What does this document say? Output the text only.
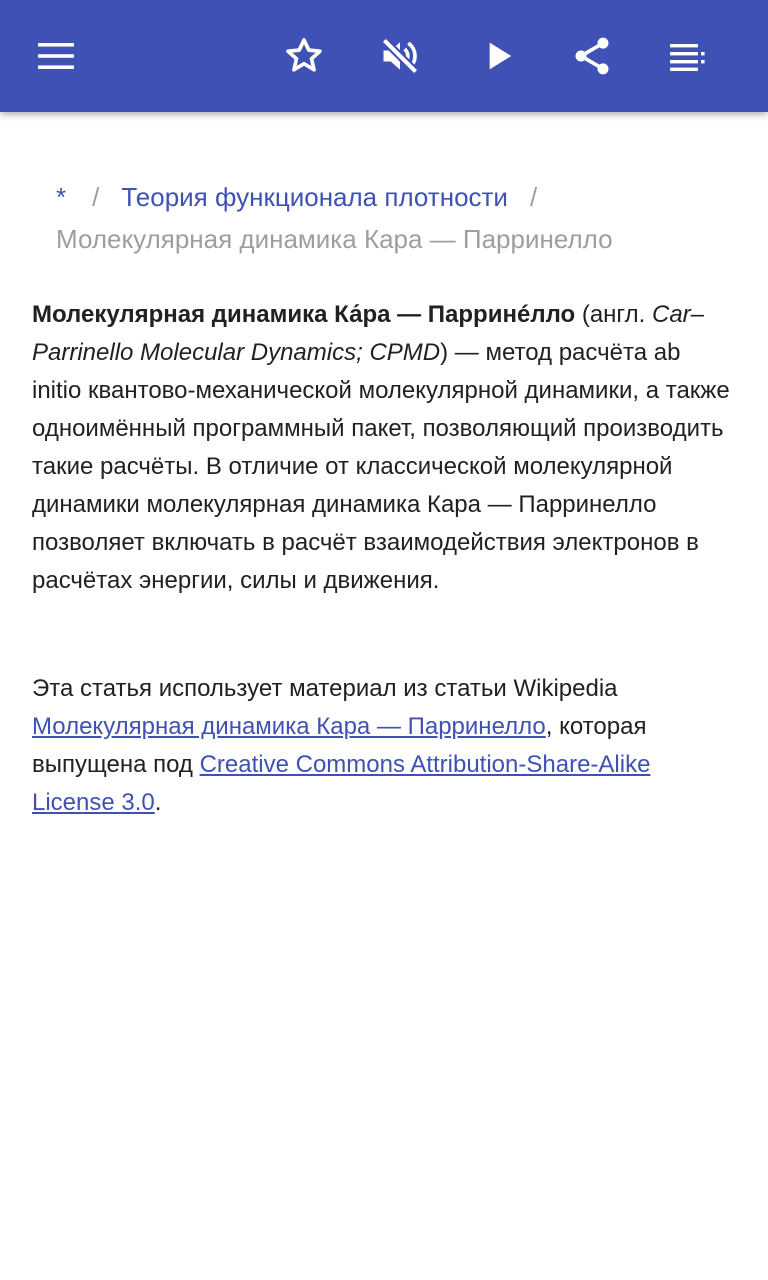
* / Теория функционала плотности /
Молекулярная динамика Кара — Парринелло

Молекулярная динамика Ка́ра — Парринéлло (англ. Car–Parrinello Molecular Dynamics; CPMD) — метод расчёта ab initio квантово-механической молекулярной динамики, а также одноимённый программный пакет, позволяющий производить такие расчёты. В отличие от классической молекулярной динамики молекулярная динамика Кара — Парринелло позволяет включать в расчёт взаимодействия электронов в расчётах энергии, силы и движения.

Эта статья использует материал из статьи Wikipedia Молекулярная динамика Кара — Парринелло, которая выпущена под Creative Commons Attribution-Share-Alike License 3.0.
